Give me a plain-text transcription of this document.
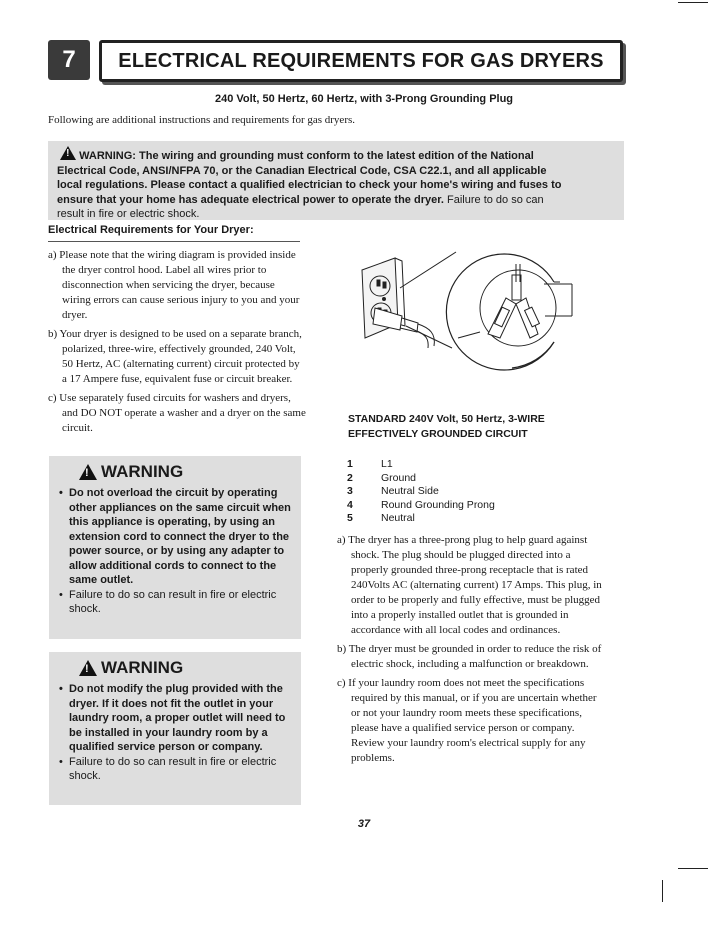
7	ELECTRICAL REQUIREMENTS FOR GAS DRYERS
240 Volt, 50 Hertz, 60 Hertz, with 3-Prong Grounding Plug
Following are additional instructions and requirements for gas dryers.
! WARNING: The wiring and grounding must conform to the latest edition of the National
Electrical Code, ANSI/NFPA 70, or the Canadian Electrical Code, CSA C22.1, and all applicable
local regulations. Please contact a qualified electrician to check your home's wiring and fuses to
ensure that your home has adequate electrical power to operate the dryer. Failure to do so can
result in fire or electric shock.
Electrical Requirements for Your Dryer:
a) Please note that the wiring diagram is provided inside the dryer control hood. Label all wires prior to disconnection when servicing the dryer, because wiring errors can cause serious injury to you and your dryer.
b) Your dryer is designed to be used on a separate branch, polarized, three-wire, effectively grounded, 240 Volt, 50 Hertz, AC (alternating current) circuit protected by a 17 Ampere fuse, equivalent fuse or circuit breaker.
c) Use separately fused circuits for washers and dryers, and DO NOT operate a washer and a dryer on the same circuit.
!
WARNING
• Do not overload the circuit by operating other appliances on the same circuit when this appliance is operating, by using an extension cord to connect the dryer to the power source, or by using any adapter to allow additional cords to connect to the same outlet.
• Failure to do so can result in fire or electric shock.
!
WARNING
• Do not modify the plug provided with the dryer. If it does not fit the outlet in your laundry room, a proper outlet will need to be installed in your laundry room by a qualified service person or company.
• Failure to do so can result in fire or electric shock.
STANDARD 240V Volt, 50 Hertz, 3-WIRE
EFFECTIVELY GROUNDED CIRCUIT
1	L1
2	Ground
3	Neutral Side
4	Round Grounding Prong
5	Neutral
a) The dryer has a three-prong plug to help guard against shock. The plug should be plugged directed into a properly grounded three-prong receptacle that is rated 240Volts AC (alternating current) 17 Amps. This plug, in order to be properly and fully effective, must be plugged into a properly installed outlet that is grounded in accordance with all local codes and ordinances.
b) The dryer must be grounded in order to reduce the risk of electric shock, including a malfunction or breakdown.
c) If your laundry room does not meet the specifications required by this manual, or if you are uncertain whether or not your laundry room meets these specifications, please have a qualified service person or company.
Review your laundry room's electrical supply for any problems.
37
